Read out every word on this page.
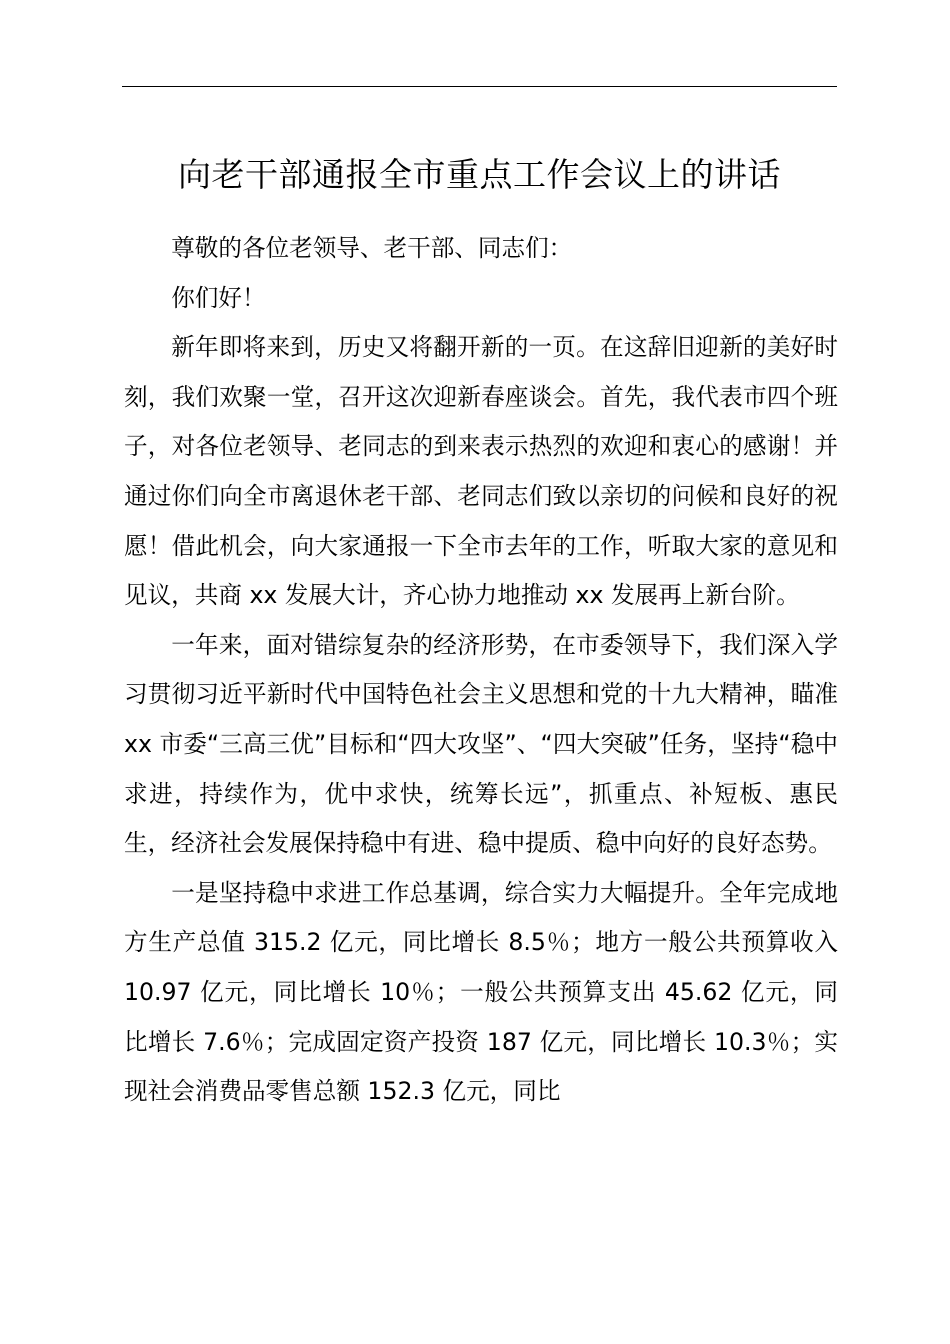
向老干部通报全市重点工作会议上的讲话

尊敬的各位老领导、老干部、同志们：

你们好！

新年即将来到，历史又将翻开新的一页。在这辞旧迎新的美好时刻，我们欢聚一堂，召开这次迎新春座谈会。首先，我代表市四个班子，对各位老领导、老同志的到来表示热烈的欢迎和衷心的感谢！并通过你们向全市离退休老干部、老同志们致以亲切的问候和良好的祝愿！借此机会，向大家通报一下全市去年的工作，听取大家的意见和见议，共商 xx 发展大计，齐心协力地推动 xx 发展再上新台阶。

一年来，面对错综复杂的经济形势，在市委领导下，我们深入学习贯彻习近平新时代中国特色社会主义思想和党的十九大精神，瞄准 xx 市委“三高三优”目标和“四大攻坚”、“四大突破”任务，坚持“稳中求进，持续作为，优中求快，统筹长远”，抓重点、补短板、惠民生，经济社会发展保持稳中有进、稳中提质、稳中向好的良好态势。

一是坚持稳中求进工作总基调，综合实力大幅提升。全年完成地方生产总值 315.2 亿元，同比增长 8.5％；地方一般公共预算收入 10.97 亿元，同比增长 10％；一般公共预算支出 45.62 亿元，同比增长 7.6％；完成固定资产投资 187 亿元，同比增长 10.3％；实现社会消费品零售总额 152.3 亿元，同比
